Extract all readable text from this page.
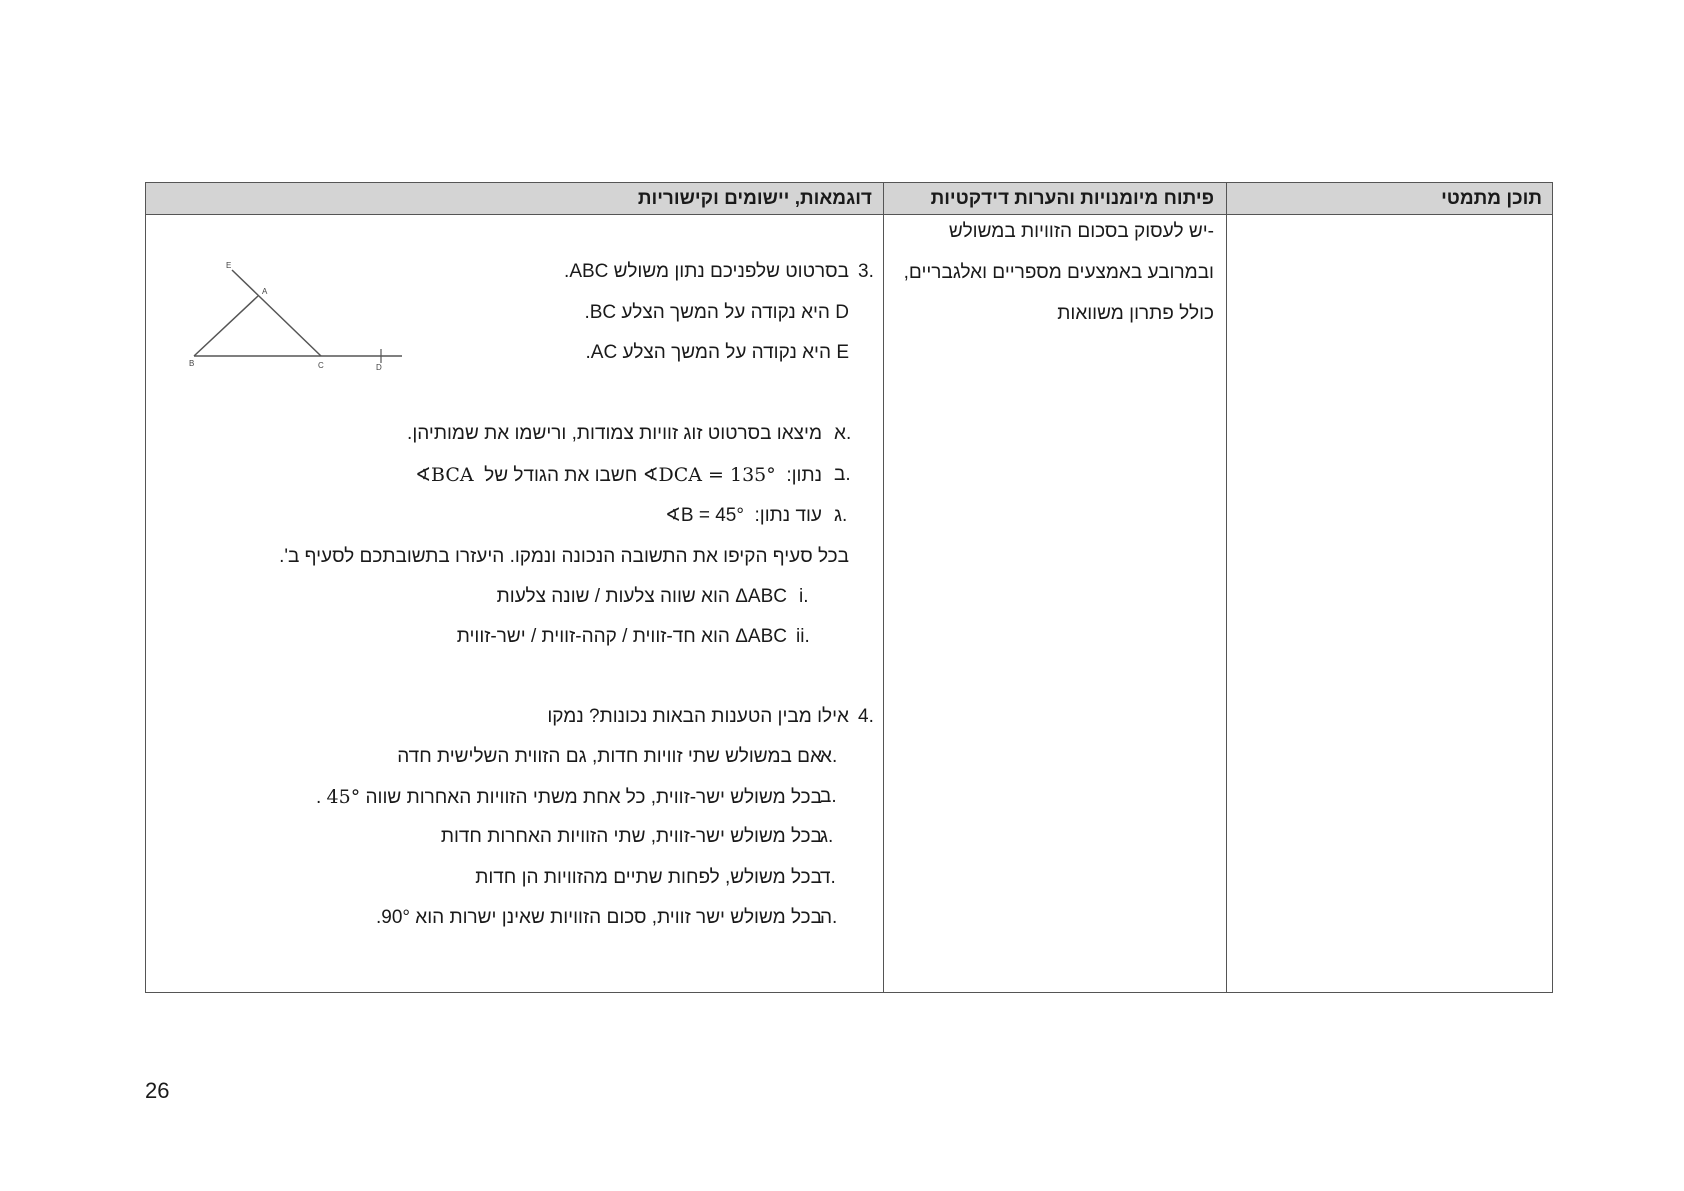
תוכן מתמטי
פיתוח מיומנויות והערות דידקטיות
דוגמאות, יישומים וקישוריות
-יש לעסוק בסכום הזוויות במשולש
ובמרובע באמצעים מספריים ואלגבריים,
כולל פתרון משוואות
3.
בסרטוט שלפניכם נתון משולש ABC.
D היא נקודה על המשך הצלע BC.
E היא נקודה על המשך הצלע AC.
א.
מיצאו בסרטוט זוג זוויות צמודות, ורישמו את שמותיהן.
ב.
נתון:  ∢DCA = 135° חשבו את הגודל של  ∢BCA
ג.
עוד נתון:  ∢B = 45°
בכל סעיף הקיפו את התשובה הנכונה ונמקו. היעזרו בתשובתכם לסעיף ב'.
i.
ΔABC הוא שווה צלעות / שונה צלעות
ii.
ΔABC הוא חד-זווית / קהה-זווית / ישר-זווית
E
A
B	C	D
4.
אילו מבין הטענות הבאות נכונות? נמקו
א.
אם במשולש שתי זוויות חדות, גם הזווית השלישית חדה
ב.
בכל משולש ישר-זווית, כל אחת משתי הזוויות האחרות שווה 45° .
ג.
בכל משולש ישר-זווית, שתי הזוויות האחרות חדות
ד.
בכל משולש, לפחות שתיים מהזוויות הן חדות
ה.
בכל משולש ישר זווית, סכום הזוויות שאינן ישרות הוא 90°.
26
